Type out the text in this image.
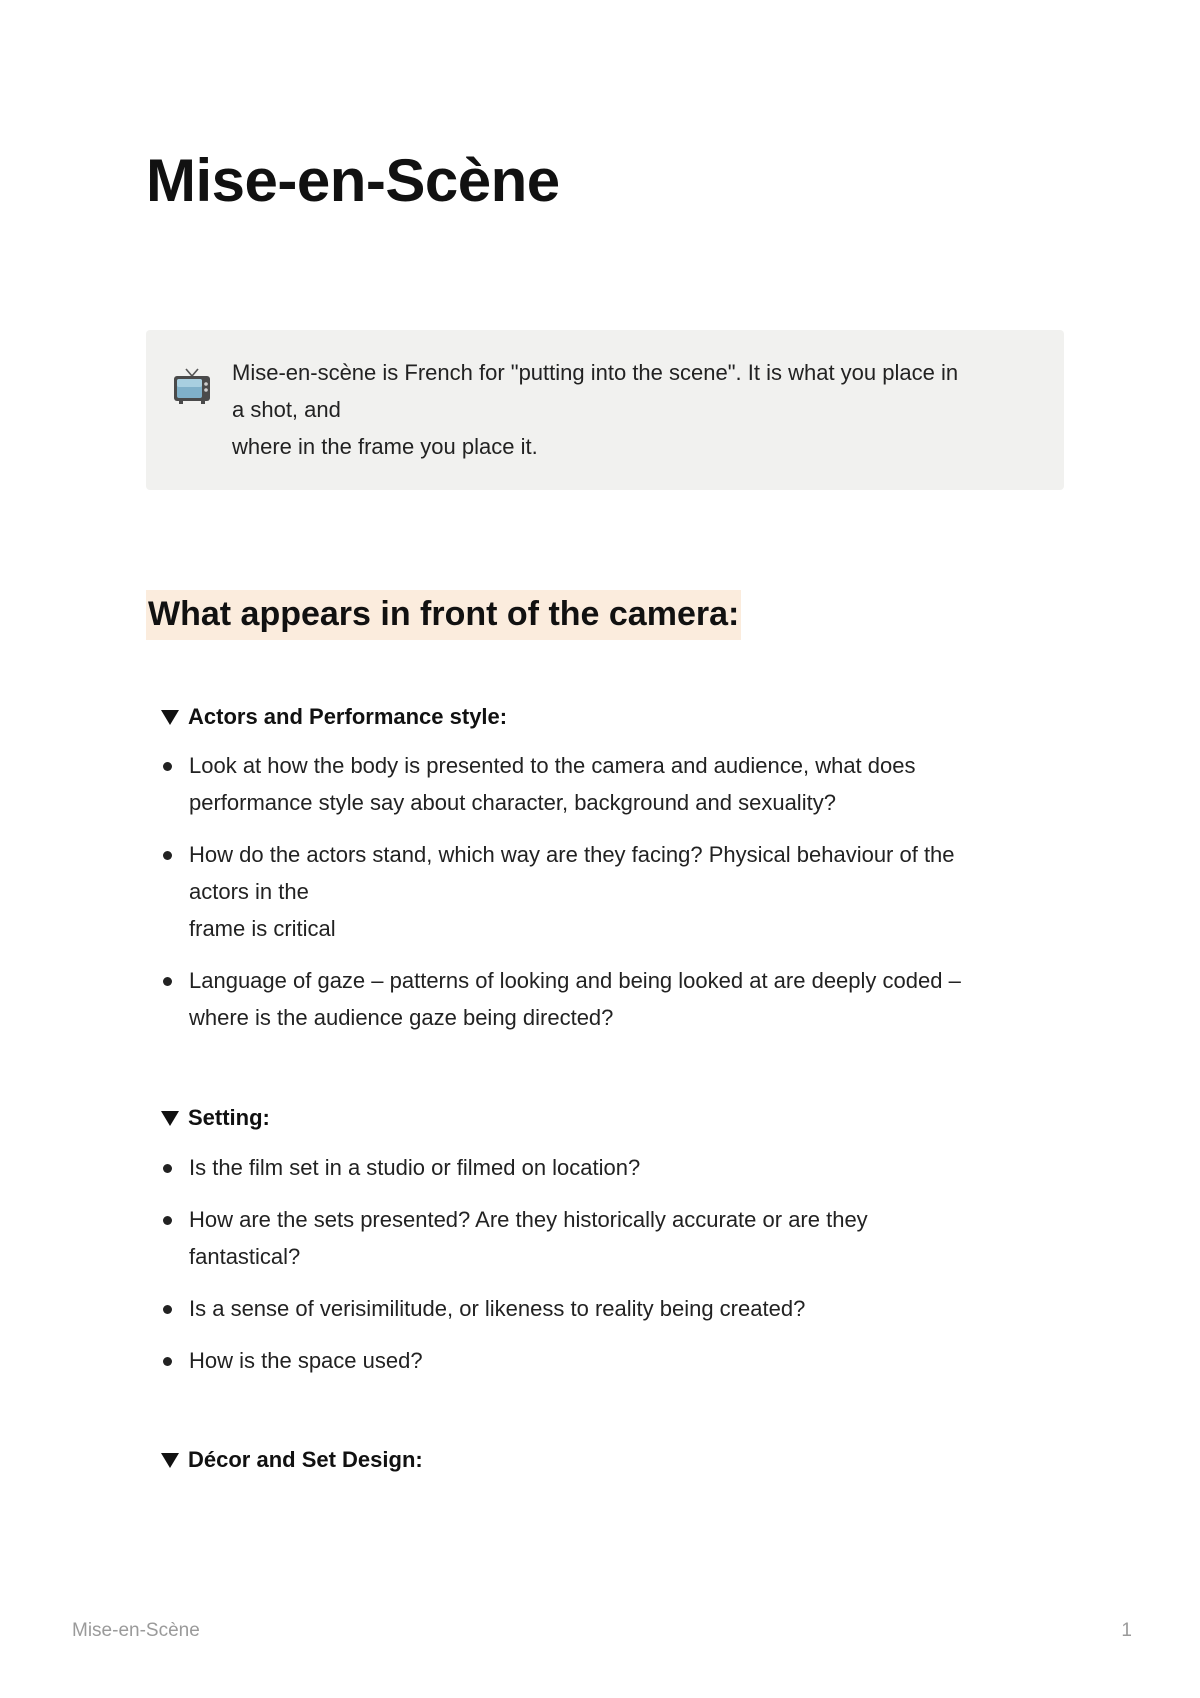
Mise-en-Scène
Mise-en-scène is French for "putting into the scene". It is what you place in
a shot, and
where in the frame you place it.
What appears in front of the camera:
Actors and Performance style:
Look at how the body is presented to the camera and audience, what does
performance style say about character, background and sexuality?
How do the actors stand, which way are they facing? Physical behaviour of the
actors in the
frame is critical
Language of gaze – patterns of looking and being looked at are deeply coded –
where is the audience gaze being directed?
Setting:
Is the film set in a studio or filmed on location?
How are the sets presented? Are they historically accurate or are they
fantastical?
Is a sense of verisimilitude, or likeness to reality being created?
How is the space used?
Décor and Set Design:
Mise-en-Scène	1
